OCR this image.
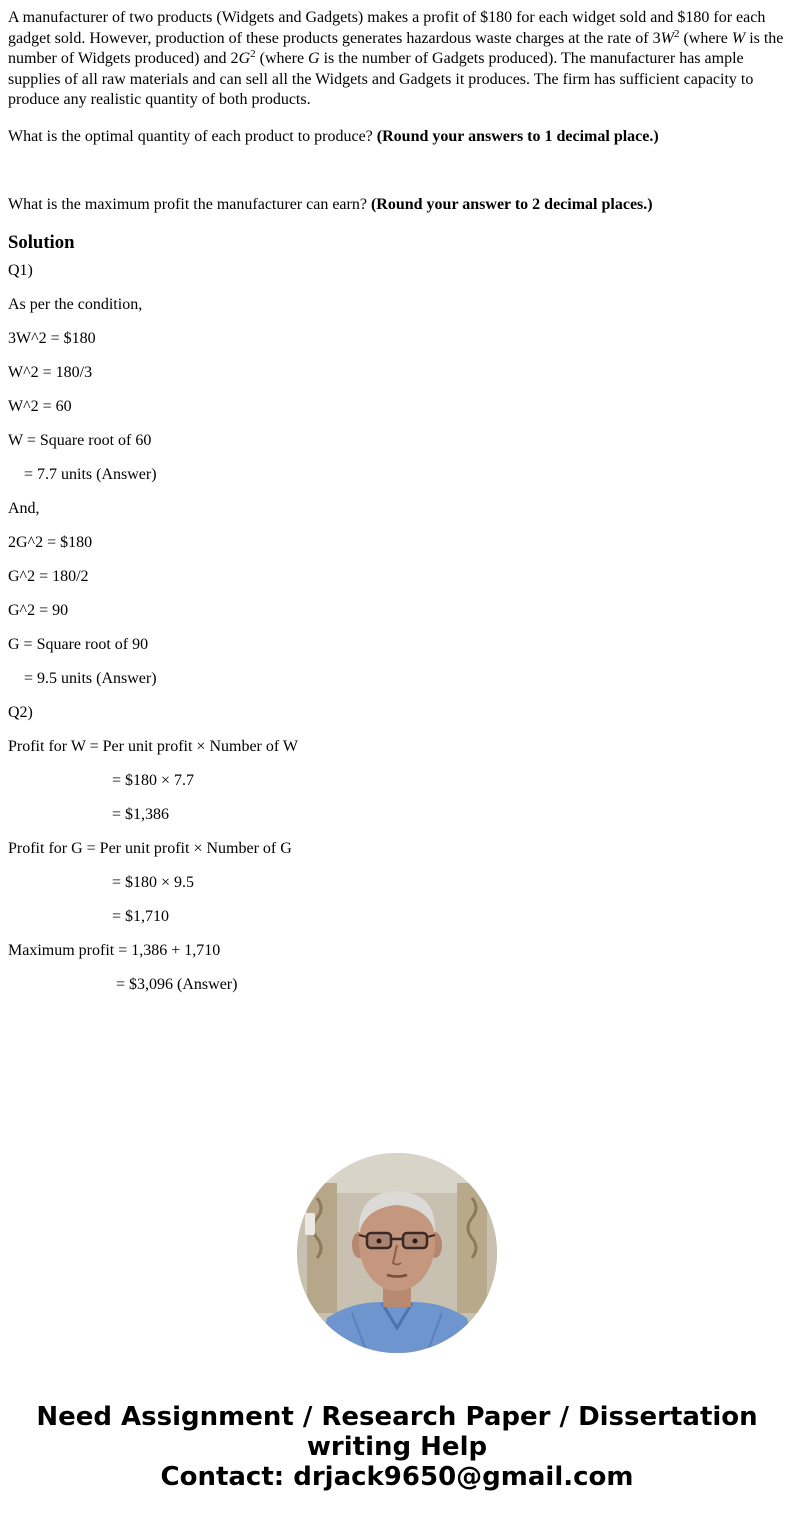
A manufacturer of two products (Widgets and Gadgets) makes a profit of $180 for each widget sold and $180 for each gadget sold. However, production of these products generates hazardous waste charges at the rate of $3W^2$ (where W is the number of Widgets produced) and $2G^2$ (where G is the number of Gadgets produced). The manufacturer has ample supplies of all raw materials and can sell all the Widgets and Gadgets it produces. The firm has sufficient capacity to produce any realistic quantity of both products.

What is the optimal quantity of each product to produce? (Round your answers to 1 decimal place.)

What is the maximum profit the manufacturer can earn? (Round your answer to 2 decimal places.)

Solution
Q1)
As per the condition,
3W^2 = $180
W^2 = 180/3
W^2 = 60
W = Square root of 60
= 7.7 units (Answer)
And,
2G^2 = $180
G^2 = 180/2
G^2 = 90
G = Square root of 90
= 9.5 units (Answer)
Q2)
Profit for W = Per unit profit × Number of W
= $180 × 7.7
= $1,386
Profit for G = Per unit profit × Number of G
= $180 × 9.5
= $1,710
Maximum profit = 1,386 + 1,710
= $3,096 (Answer)
Need Assignment / Research Paper / Dissertation
writing Help
Contact: drjack9650@gmail.com
